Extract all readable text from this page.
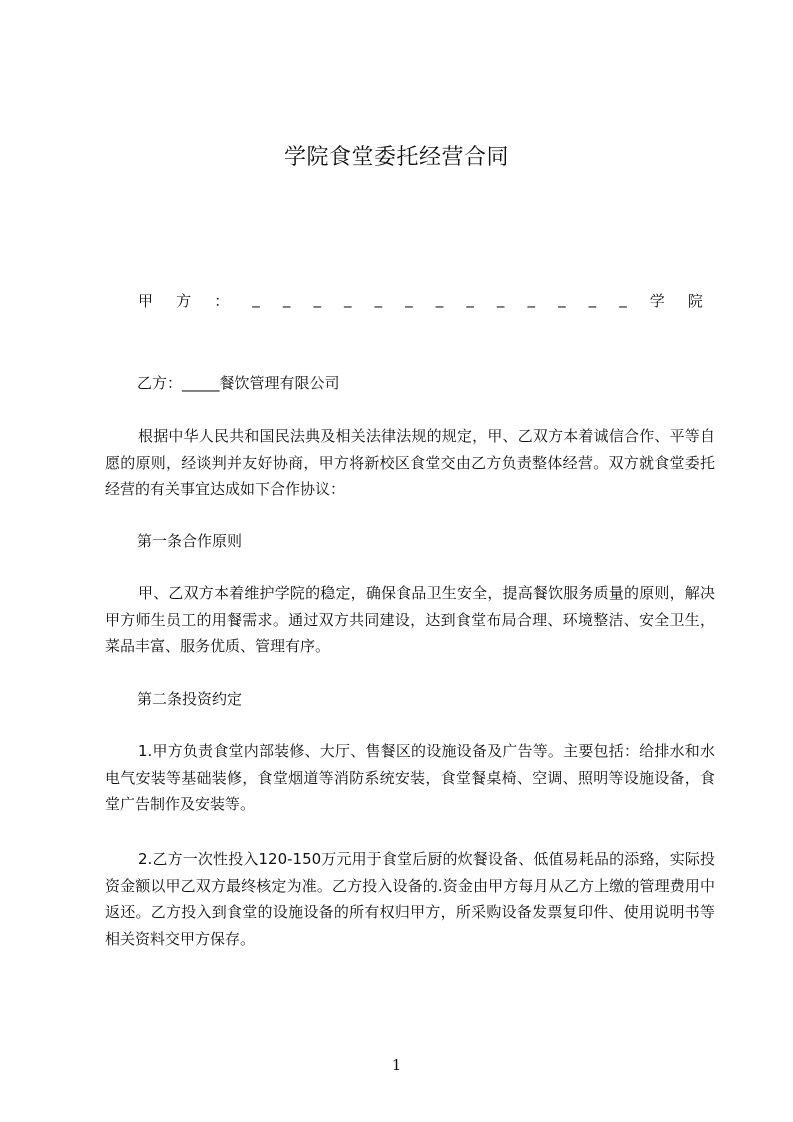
学院食堂委托经营合同
甲 方 ： _ _ _ _ _ _ _ _ _ _ _ _ _ 学 院
乙方：_____餐饮管理有限公司
根据中华人民共和国民法典及相关法律法规的规定，甲、乙双方本着诚信合作、平等自愿的原则，经谈判并友好协商，甲方将新校区食堂交由乙方负责整体经营。双方就食堂委托经营的有关事宜达成如下合作协议：
第一条合作原则
甲、乙双方本着维护学院的稳定，确保食品卫生安全，提高餐饮服务质量的原则，解决甲方师生员工的用餐需求。通过双方共同建设，达到食堂布局合理、环境整洁、安全卫生，菜品丰富、服务优质、管理有序。
第二条投资约定
1.甲方负责食堂内部装修、大厅、售餐区的设施设备及广告等。主要包括：给排水和水电气安装等基础装修，食堂烟道等消防系统安装，食堂餐桌椅、空调、照明等设施设备，食堂广告制作及安装等。
2.乙方一次性投入120-150万元用于食堂后厨的炊餐设备、低值易耗品的添臵，实际投资金额以甲乙双方最终核定为准。乙方投入设备的.资金由甲方每月从乙方上缴的管理费用中返还。乙方投入到食堂的设施设备的所有权归甲方，所采购设备发票复印件、使用说明书等相关资料交甲方保存。
1
